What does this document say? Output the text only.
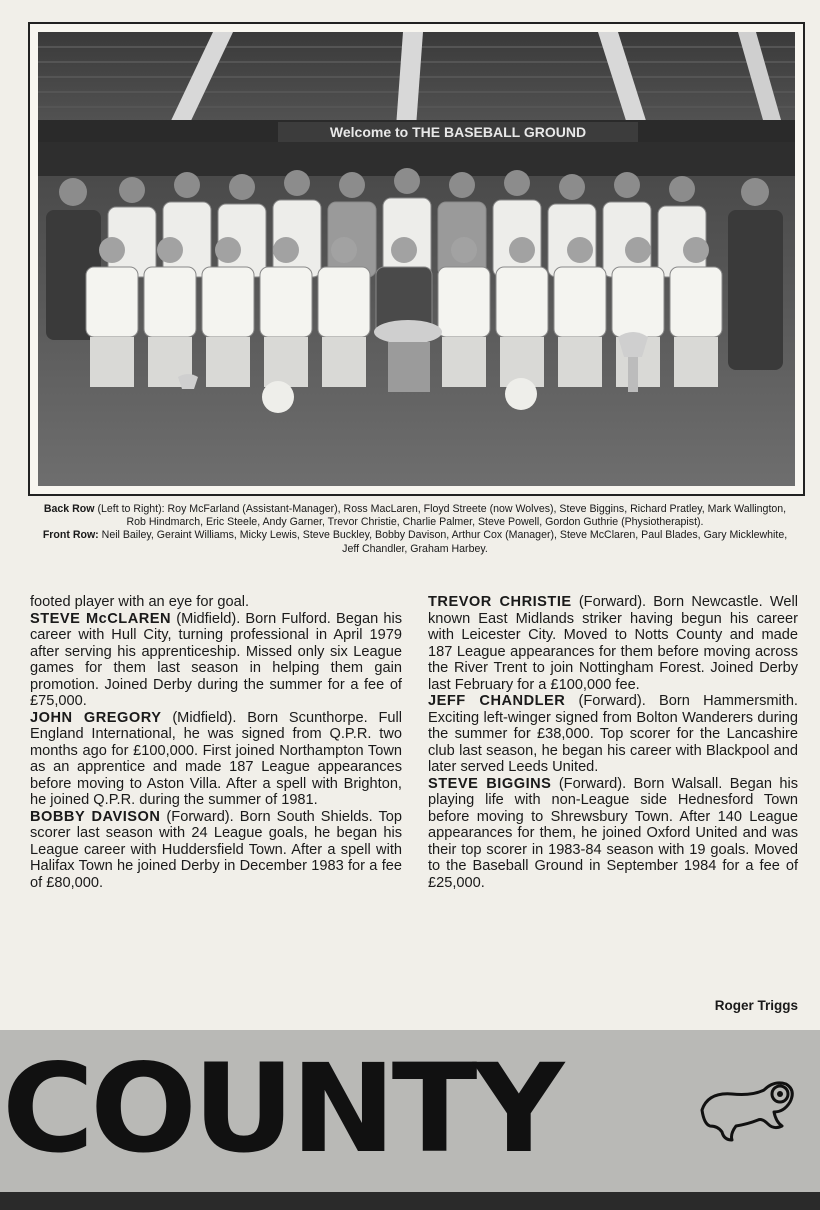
Welcome to THE BASEBALL GROUND
Back Row (Left to Right): Roy McFarland (Assistant-Manager), Ross MacLaren, Floyd Streete (now Wolves), Steve Biggins, Richard Pratley, Mark Wallington, Rob Hindmarch, Eric Steele, Andy Garner, Trevor Christie, Charlie Palmer, Steve Powell, Gordon Guthrie (Physiotherapist).
Front Row: Neil Bailey, Geraint Williams, Micky Lewis, Steve Buckley, Bobby Davison, Arthur Cox (Manager), Steve McClaren, Paul Blades, Gary Micklewhite, Jeff Chandler, Graham Harbey.

footed player with an eye for goal.

STEVE McCLAREN (Midfield). Born Fulford. Began his career with Hull City, turning professional in April 1979 after serving his apprenticeship. Missed only six League games for them last season in helping them gain promotion. Joined Derby during the summer for a fee of £75,000.

JOHN GREGORY (Midfield). Born Scunthorpe. Full England International, he was signed from Q.P.R. two months ago for £100,000. First joined Northampton Town as an apprentice and made 187 League appearances before moving to Aston Villa. After a spell with Brighton, he joined Q.P.R. during the summer of 1981.

BOBBY DAVISON (Forward). Born South Shields. Top scorer last season with 24 League goals, he began his League career with Huddersfield Town. After a spell with Halifax Town he joined Derby in December 1983 for a fee of £80,000.

TREVOR CHRISTIE (Forward). Born Newcastle. Well known East Midlands striker having begun his career with Leicester City. Moved to Notts County and made 187 League appearances for them before moving across the River Trent to join Nottingham Forest. Joined Derby last February for a £100,000 fee.

JEFF CHANDLER (Forward). Born Hammersmith. Exciting left-winger signed from Bolton Wanderers during the summer for £38,000. Top scorer for the Lancashire club last season, he began his career with Blackpool and later served Leeds United.

STEVE BIGGINS (Forward). Born Walsall. Began his playing life with non-League side Hednesford Town before moving to Shrewsbury Town. After 140 League appearances for them, he joined Oxford United and was their top scorer in 1983-84 season with 19 goals. Moved to the Baseball Ground in September 1984 for a fee of £25,000.

Roger Triggs
COUNTY
